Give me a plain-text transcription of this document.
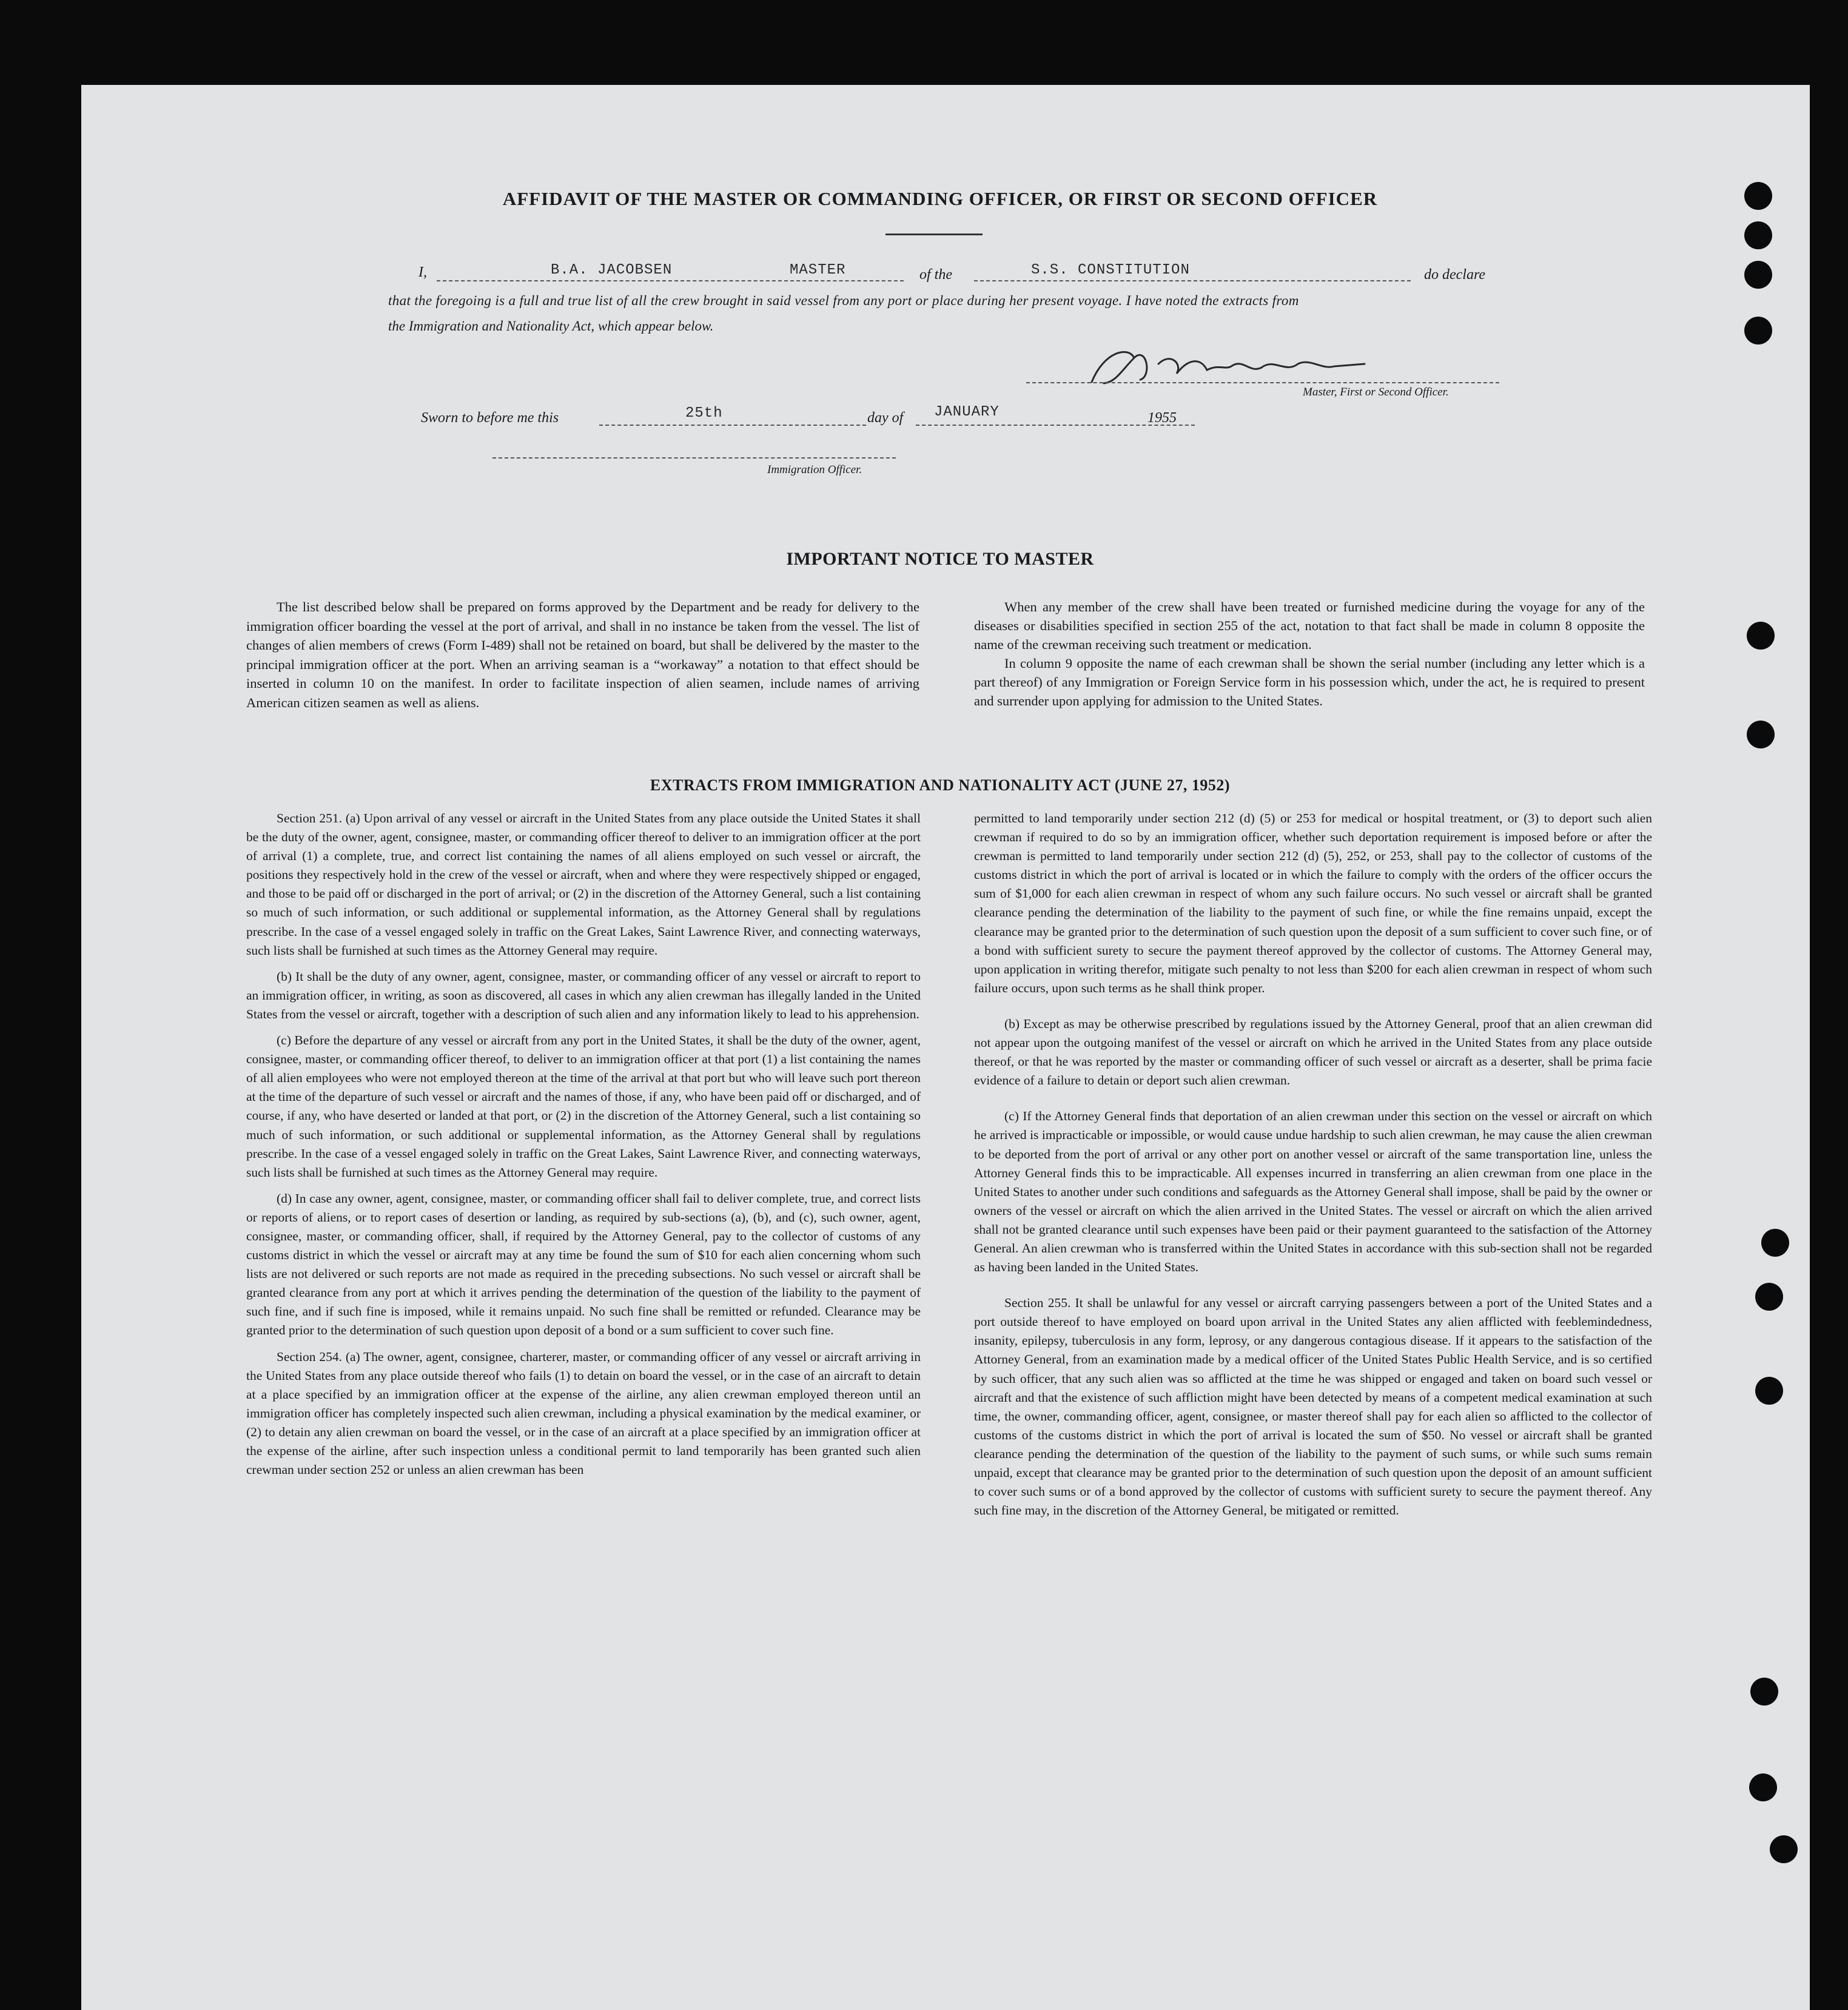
AFFIDAVIT OF THE MASTER OR COMMANDING OFFICER, OR FIRST OR SECOND OFFICER
I,	B.A. JACOBSEN	MASTER	of the	S.S. CONSTITUTION	do declare
that the foregoing is a full and true list of all the crew brought in said vessel from any port or place during her present voyage. I have noted the extracts from
the Immigration and Nationality Act, which appear below.
Master, First or Second Officer.
Sworn to before me this	25th	day of JANUARY	1955
Immigration Officer.
IMPORTANT NOTICE TO MASTER

The list described below shall be prepared on forms approved by the Department and be ready for delivery to the immigration officer boarding the vessel at the port of arrival, and shall in no instance be taken from the vessel. The list of changes of alien members of crews (Form I-489) shall not be retained on board, but shall be delivered by the master to the principal immigration officer at the port. When an arriving seaman is a “workaway” a notation to that effect should be inserted in column 10 on the manifest. In order to facilitate inspection of alien seamen, include names of arriving American citizen seamen as well as aliens.

When any member of the crew shall have been treated or furnished medicine during the voyage for any of the diseases or disabilities specified in section 255 of the act, notation to that fact shall be made in column 8 opposite the name of the crewman receiving such treatment or medication.

In column 9 opposite the name of each crewman shall be shown the serial number (including any letter which is a part thereof) of any Immigration or Foreign Service form in his possession which, under the act, he is required to present and surrender upon applying for admission to the United States.

EXTRACTS FROM IMMIGRATION AND NATIONALITY ACT (JUNE 27, 1952)

Section 251. (a) Upon arrival of any vessel or aircraft in the United States from any place outside the United States it shall be the duty of the owner, agent, consignee, master, or commanding officer thereof to deliver to an immigration officer at the port of arrival (1) a complete, true, and correct list containing the names of all aliens employed on such vessel or aircraft, the positions they respectively hold in the crew of the vessel or aircraft, when and where they were respectively shipped or engaged, and those to be paid off or discharged in the port of arrival; or (2) in the discretion of the Attorney General, such a list containing so much of such information, or such additional or supplemental information, as the Attorney General shall by regulations prescribe. In the case of a vessel engaged solely in traffic on the Great Lakes, Saint Lawrence River, and connecting waterways, such lists shall be furnished at such times as the Attorney General may require.

(b) It shall be the duty of any owner, agent, consignee, master, or commanding officer of any vessel or aircraft to report to an immigration officer, in writing, as soon as discovered, all cases in which any alien crewman has illegally landed in the United States from the vessel or aircraft, together with a description of such alien and any information likely to lead to his apprehension.

(c) Before the departure of any vessel or aircraft from any port in the United States, it shall be the duty of the owner, agent, consignee, master, or commanding officer thereof, to deliver to an immigration officer at that port (1) a list containing the names of all alien employees who were not employed thereon at the time of the arrival at that port but who will leave such port thereon at the time of the departure of such vessel or aircraft and the names of those, if any, who have been paid off or discharged, and of course, if any, who have deserted or landed at that port, or (2) in the discretion of the Attorney General, such a list containing so much of such information, or such additional or supplemental information, as the Attorney General shall by regulations prescribe. In the case of a vessel engaged solely in traffic on the Great Lakes, Saint Lawrence River, and connecting waterways, such lists shall be furnished at such times as the Attorney General may require.

(d) In case any owner, agent, consignee, master, or commanding officer shall fail to deliver complete, true, and correct lists or reports of aliens, or to report cases of desertion or landing, as required by sub-sections (a), (b), and (c), such owner, agent, consignee, master, or commanding officer, shall, if required by the Attorney General, pay to the collector of customs of any customs district in which the vessel or aircraft may at any time be found the sum of $10 for each alien concerning whom such lists are not delivered or such reports are not made as required in the preceding subsections. No such vessel or aircraft shall be granted clearance from any port at which it arrives pending the determination of the question of the liability to the payment of such fine, and if such fine is imposed, while it remains unpaid. No such fine shall be remitted or refunded. Clearance may be granted prior to the determination of such question upon deposit of a bond or a sum sufficient to cover such fine.

Section 254. (a) The owner, agent, consignee, charterer, master, or commanding officer of any vessel or aircraft arriving in the United States from any place outside thereof who fails (1) to detain on board the vessel, or in the case of an aircraft to detain at a place specified by an immigration officer at the expense of the airline, any alien crewman employed thereon until an immigration officer has completely inspected such alien crewman, including a physical examination by the medical examiner, or (2) to detain any alien crewman on board the vessel, or in the case of an aircraft at a place specified by an immigration officer at the expense of the airline, after such inspection unless a conditional permit to land temporarily has been granted such alien crewman under section 252 or unless an alien crewman has been

permitted to land temporarily under section 212 (d) (5) or 253 for medical or hospital treatment, or (3) to deport such alien crewman if required to do so by an immigration officer, whether such deportation requirement is imposed before or after the crewman is permitted to land temporarily under section 212 (d) (5), 252, or 253, shall pay to the collector of customs of the customs district in which the port of arrival is located or in which the failure to comply with the orders of the officer occurs the sum of $1,000 for each alien crewman in respect of whom any such failure occurs. No such vessel or aircraft shall be granted clearance pending the determination of the liability to the payment of such fine, or while the fine remains unpaid, except the clearance may be granted prior to the determination of such question upon the deposit of a sum sufficient to cover such fine, or of a bond with sufficient surety to secure the payment thereof approved by the collector of customs. The Attorney General may, upon application in writing therefor, mitigate such penalty to not less than $200 for each alien crewman in respect of whom such failure occurs, upon such terms as he shall think proper.

(b) Except as may be otherwise prescribed by regulations issued by the Attorney General, proof that an alien crewman did not appear upon the outgoing manifest of the vessel or aircraft on which he arrived in the United States from any place outside thereof, or that he was reported by the master or commanding officer of such vessel or aircraft as a deserter, shall be prima facie evidence of a failure to detain or deport such alien crewman.

(c) If the Attorney General finds that deportation of an alien crewman under this section on the vessel or aircraft on which he arrived is impracticable or impossible, or would cause undue hardship to such alien crewman, he may cause the alien crewman to be deported from the port of arrival or any other port on another vessel or aircraft of the same transportation line, unless the Attorney General finds this to be impracticable. All expenses incurred in transferring an alien crewman from one place in the United States to another under such conditions and safeguards as the Attorney General shall impose, shall be paid by the owner or owners of the vessel or aircraft on which the alien arrived in the United States. The vessel or aircraft on which the alien arrived shall not be granted clearance until such expenses have been paid or their payment guaranteed to the satisfaction of the Attorney General. An alien crewman who is transferred within the United States in accordance with this sub-section shall not be regarded as having been landed in the United States.

Section 255. It shall be unlawful for any vessel or aircraft carrying passengers between a port of the United States and a port outside thereof to have employed on board upon arrival in the United States any alien afflicted with feeblemindedness, insanity, epilepsy, tuberculosis in any form, leprosy, or any dangerous contagious disease. If it appears to the satisfaction of the Attorney General, from an examination made by a medical officer of the United States Public Health Service, and is so certified by such officer, that any such alien was so afflicted at the time he was shipped or engaged and taken on board such vessel or aircraft and that the existence of such affliction might have been detected by means of a competent medical examination at such time, the owner, commanding officer, agent, consignee, or master thereof shall pay for each alien so afflicted to the collector of customs of the customs district in which the port of arrival is located the sum of $50. No vessel or aircraft shall be granted clearance pending the determination of the question of the liability to the payment of such sums, or while such sums remain unpaid, except that clearance may be granted prior to the determination of such question upon the deposit of an amount sufficient to cover such sums or of a bond approved by the collector of customs with sufficient surety to secure the payment thereof. Any such fine may, in the discretion of the Attorney General, be mitigated or remitted.
